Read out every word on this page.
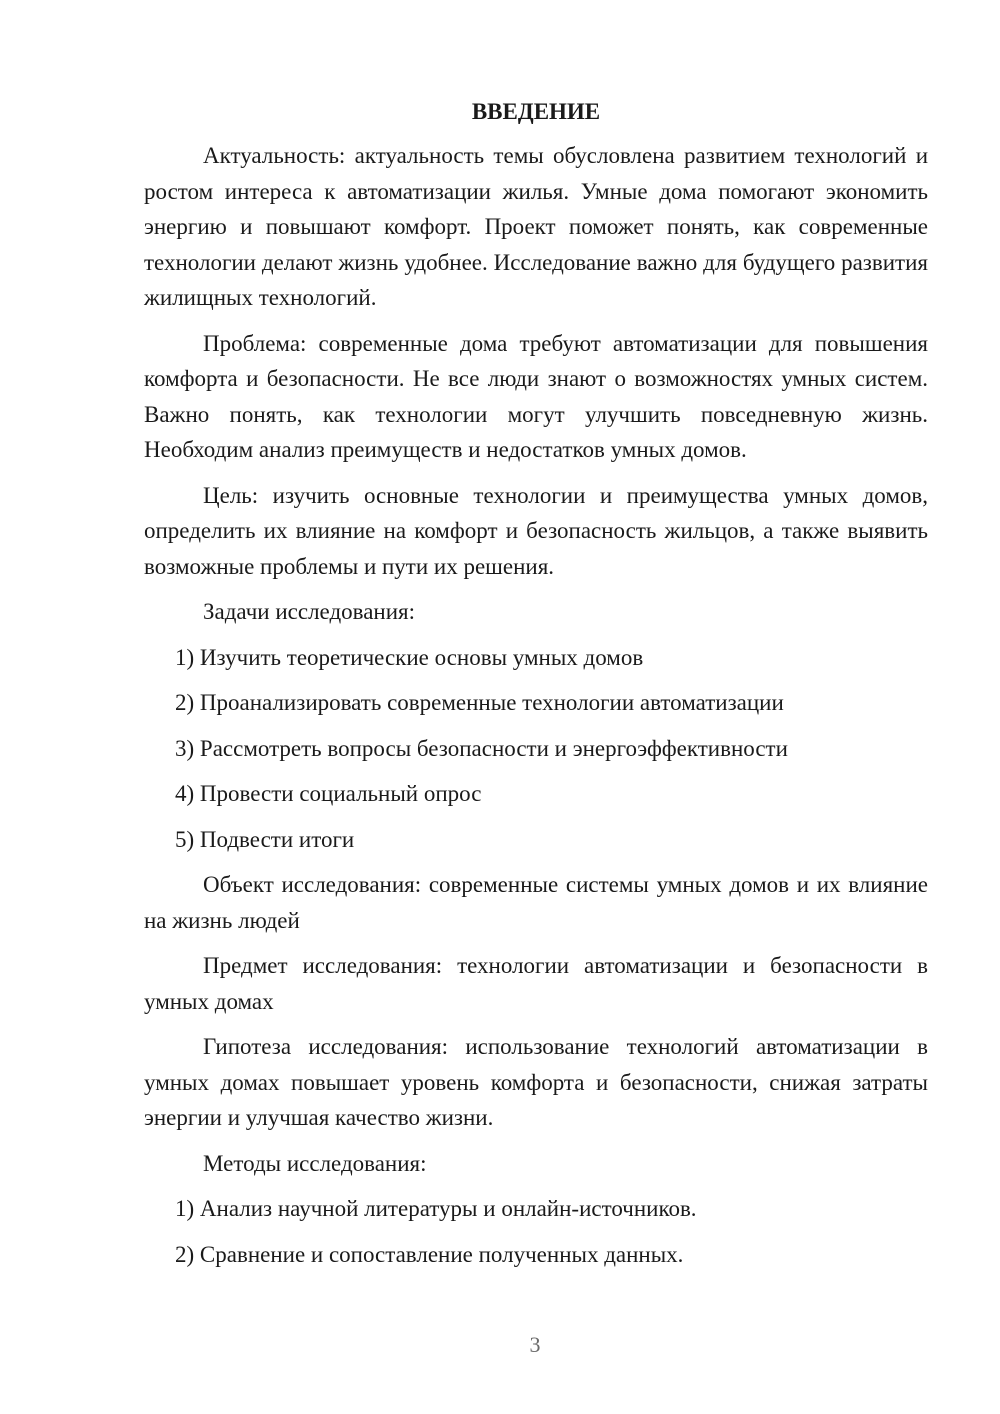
ВВЕДЕНИЕ
Актуальность: актуальность темы обусловлена развитием технологий и ростом интереса к автоматизации жилья. Умные дома помогают экономить энергию и повышают комфорт. Проект поможет понять, как современные технологии делают жизнь удобнее. Исследование важно для будущего развития жилищных технологий.
Проблема: современные дома требуют автоматизации для повышения комфорта и безопасности. Не все люди знают о возможностях умных систем. Важно понять, как технологии могут улучшить повседневную жизнь. Необходим анализ преимуществ и недостатков умных домов.
Цель: изучить основные технологии и преимущества умных домов, определить их влияние на комфорт и безопасность жильцов, а также выявить возможные проблемы и пути их решения.
Задачи исследования:
1) Изучить теоретические основы умных домов
2) Проанализировать современные технологии автоматизации
3) Рассмотреть вопросы безопасности и энергоэффективности
4) Провести социальный опрос
5) Подвести итоги
Объект исследования: современные системы умных домов и их влияние на жизнь людей
Предмет исследования: технологии автоматизации и безопасности в умных домах
Гипотеза исследования: использование технологий автоматизации в умных домах повышает уровень комфорта и безопасности, снижая затраты энергии и улучшая качество жизни.
Методы исследования:
1) Анализ научной литературы и онлайн-источников.
2) Сравнение и сопоставление полученных данных.
3
